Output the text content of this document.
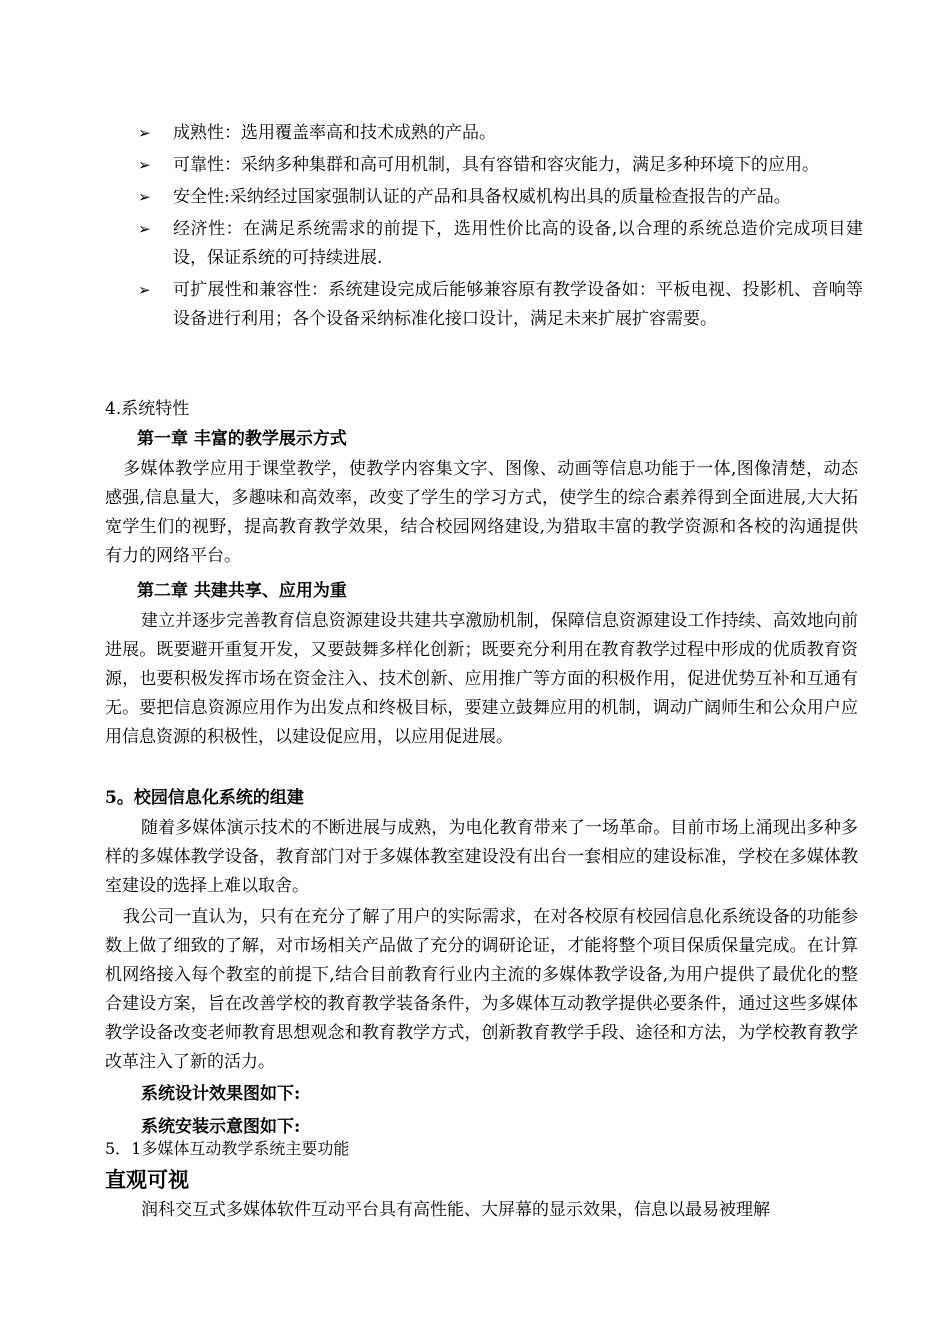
➢	成熟性：选用覆盖率高和技术成熟的产品。
➢	可靠性：采纳多种集群和高可用机制，具有容错和容灾能力，满足多种环境下的应用。
➢	安全性:采纳经过国家强制认证的产品和具备权威机构出具的质量检查报告的产品。
➢	经济性：在满足系统需求的前提下，选用性价比高的设备,以合理的系统总造价完成项目建设，保证系统的可持续进展.
➢	可扩展性和兼容性：系统建设完成后能够兼容原有教学设备如：平板电视、投影机、音响等设备进行利用；各个设备采纳标准化接口设计，满足未来扩展扩容需要。
4.系统特性
第一章 丰富的教学展示方式
多媒体教学应用于课堂教学，使教学内容集文字、图像、动画等信息功能于一体,图像清楚，动态感强,信息量大，多趣味和高效率，改变了学生的学习方式，使学生的综合素养得到全面进展,大大拓宽学生们的视野，提高教育教学效果，结合校园网络建设,为猎取丰富的教学资源和各校的沟通提供有力的网络平台。
第二章 共建共享、应用为重
建立并逐步完善教育信息资源建设共建共享激励机制，保障信息资源建设工作持续、高效地向前进展。既要避开重复开发，又要鼓舞多样化创新；既要充分利用在教育教学过程中形成的优质教育资源，也要积极发挥市场在资金注入、技术创新、应用推广等方面的积极作用，促进优势互补和互通有无。要把信息资源应用作为出发点和终极目标，要建立鼓舞应用的机制，调动广阔师生和公众用户应用信息资源的积极性，以建设促应用，以应用促进展。
5。校园信息化系统的组建
随着多媒体演示技术的不断进展与成熟，为电化教育带来了一场革命。目前市场上涌现出多种多样的多媒体教学设备，教育部门对于多媒体教室建设没有出台一套相应的建设标准，学校在多媒体教室建设的选择上难以取舍。
我公司一直认为，只有在充分了解了用户的实际需求，在对各校原有校园信息化系统设备的功能参数上做了细致的了解，对市场相关产品做了充分的调研论证，才能将整个项目保质保量完成。在计算机网络接入每个教室的前提下,结合目前教育行业内主流的多媒体教学设备,为用户提供了最优化的整合建设方案，旨在改善学校的教育教学装备条件，为多媒体互动教学提供必要条件，通过这些多媒体教学设备改变老师教育思想观念和教育教学方式，创新教育教学手段、途径和方法，为学校教育教学改革注入了新的活力。
系统设计效果图如下:
系统安装示意图如下:
5．1多媒体互动教学系统主要功能
直观可视
润科交互式多媒体软件互动平台具有高性能、大屏幕的显示效果，信息以最易被理解
